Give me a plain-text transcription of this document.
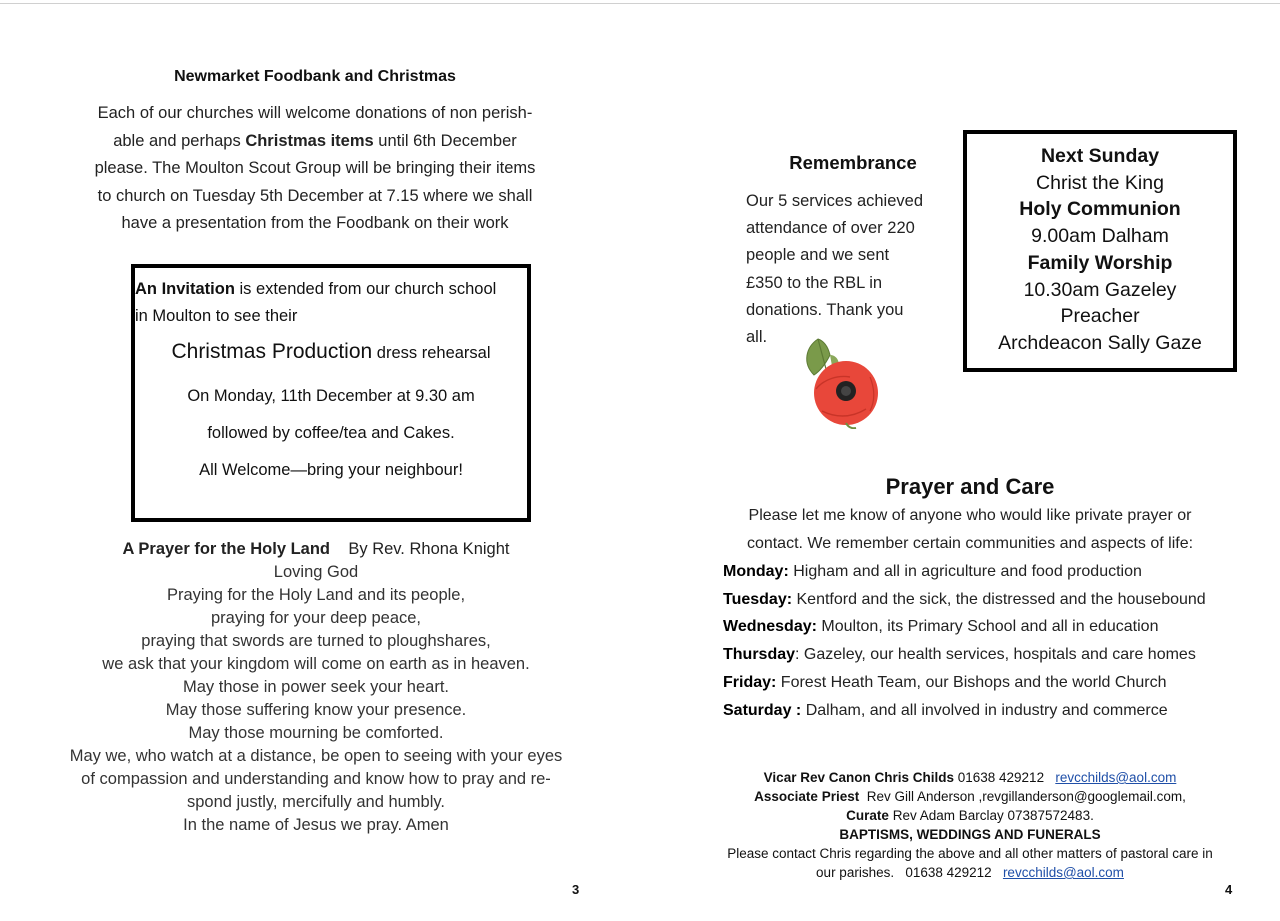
Newmarket Foodbank and Christmas
Each of our churches will welcome donations of non perish-
able and perhaps Christmas items until 6th December
please. The Moulton Scout Group will be bringing their items
to church on Tuesday 5th December at 7.15 where we shall
have a presentation from the Foodbank on their work
An Invitation is extended from our church school
in Moulton to see their
Christmas Production dress rehearsal
On Monday, 11th December at 9.30 am
followed by coffee/tea and Cakes.
All Welcome—bring your neighbour!
A Prayer for the Holy Land    By Rev. Rhona Knight
Loving God
Praying for the Holy Land and its people,
praying for your deep peace,
praying that swords are turned to ploughshares,
we ask that your kingdom will come on earth as in heaven.
May those in power seek your heart.
May those suffering know your presence.
May those mourning be comforted.
May we, who watch at a distance, be open to seeing with your eyes
of compassion and understanding and know how to pray and re-
spond justly, mercifully and humbly.
In the name of Jesus we pray. Amen
3
Remembrance
Our 5 services achieved
attendance of over 220
people and we sent
£350 to the RBL in
donations. Thank you
all.
Next Sunday
Christ the King
Holy Communion
9.00am Dalham
Family Worship
10.30am Gazeley
Preacher
Archdeacon Sally Gaze
Prayer and Care
Please let me know of anyone who would like private prayer or
contact. We remember certain communities and aspects of life:
Monday: Higham and all in agriculture and food production
Tuesday: Kentford and the sick, the distressed and the housebound
Wednesday: Moulton, its Primary School and all in education
Thursday: Gazeley, our health services, hospitals and care homes
Friday: Forest Heath Team, our Bishops and the world Church
Saturday : Dalham, and all involved in industry and commerce
Vicar Rev Canon Chris Childs 01638 429212   revcchilds@aol.com
Associate Priest  Rev Gill Anderson ,revgillanderson@googlemail.com,
Curate Rev Adam Barclay 07387572483.
BAPTISMS, WEDDINGS AND FUNERALS
Please contact Chris regarding the above and all other matters of pastoral care in
our parishes.   01638 429212   revcchilds@aol.com
4
